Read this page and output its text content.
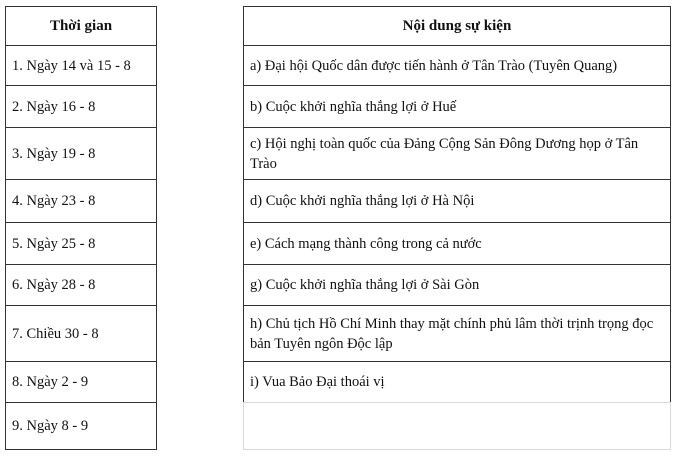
Thời gian
1. Ngày 14 và 15 - 8
2. Ngày 16 - 8
3. Ngày 19 - 8
4. Ngày 23 - 8
5. Ngày 25 - 8
6. Ngày 28 - 8
7. Chiều 30 - 8
8. Ngày 2 - 9
9. Ngày 8 - 9
Nội dung sự kiện
a) Đại hội Quốc dân được tiến hành ở Tân Trào (Tuyên Quang)
b) Cuộc khởi nghĩa thắng lợi ở Huế
c) Hội nghị toàn quốc của Đảng Cộng Sản Đông Dương họp ở Tân Trào
d) Cuộc khởi nghĩa thắng lợi ở Hà Nội
e) Cách mạng thành công trong cả nước
g) Cuộc khởi nghĩa thắng lợi ở Sài Gòn
h) Chủ tịch Hồ Chí Minh thay mặt chính phủ lâm thời trịnh trọng đọc bản Tuyên ngôn Độc lập
i) Vua Bảo Đại thoái vị
